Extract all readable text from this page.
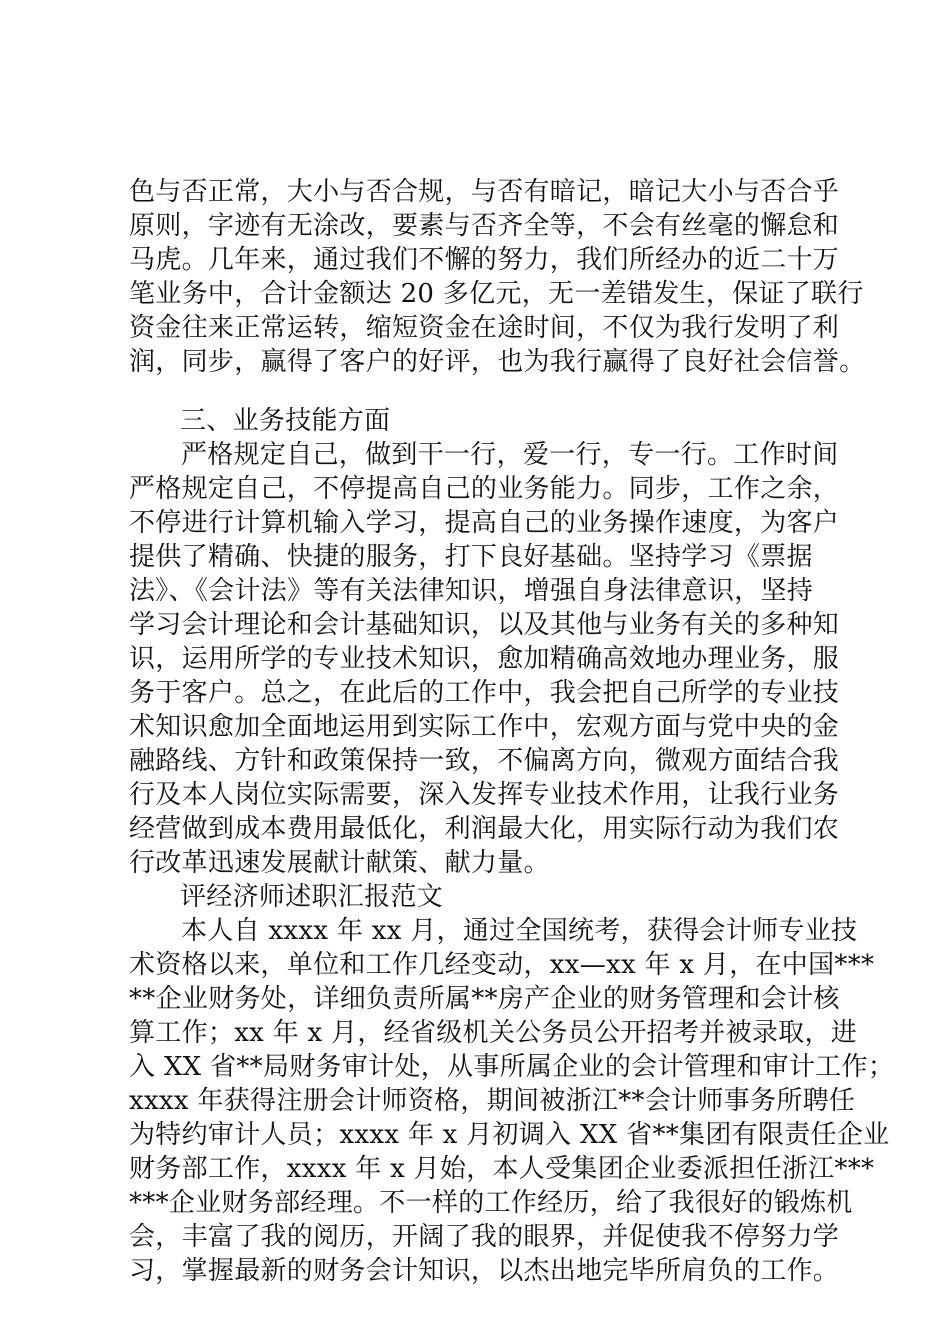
色与否正常，大小与否合规，与否有暗记，暗记大小与否合乎
原则，字迹有无涂改，要素与否齐全等，不会有丝毫的懈怠和
马虎。几年来，通过我们不懈的努力，我们所经办的近二十万
笔业务中，合计金额达 20 多亿元，无一差错发生，保证了联行
资金往来正常运转，缩短资金在途时间，不仅为我行发明了利
润，同步，赢得了客户的好评，也为我行赢得了良好社会信誉。
三、业务技能方面
严格规定自己，做到干一行，爱一行，专一行。工作时间
严格规定自己，不停提高自己的业务能力。同步，工作之余，
不停进行计算机输入学习，提高自己的业务操作速度，为客户
提供了精确、快捷的服务，打下良好基础。坚持学习《票据
法》、《会计法》等有关法律知识，增强自身法律意识，坚持
学习会计理论和会计基础知识，以及其他与业务有关的多种知
识，运用所学的专业技术知识，愈加精确高效地办理业务，服
务于客户。总之，在此后的工作中，我会把自己所学的专业技
术知识愈加全面地运用到实际工作中，宏观方面与党中央的金
融路线、方针和政策保持一致，不偏离方向，微观方面结合我
行及本人岗位实际需要，深入发挥专业技术作用，让我行业务
经营做到成本费用最低化，利润最大化，用实际行动为我们农
行改革迅速发展献计献策、献力量。
评经济师述职汇报范文
本人自 xxxx 年 xx 月，通过全国统考，获得会计师专业技
术资格以来，单位和工作几经变动，xx—xx 年 x 月，在中国***
**企业财务处，详细负责所属**房产企业的财务管理和会计核
算工作；xx 年 x 月，经省级机关公务员公开招考并被录取，进
入 XX 省**局财务审计处，从事所属企业的会计管理和审计工作；
xxxx 年获得注册会计师资格，期间被浙江**会计师事务所聘任
为特约审计人员；xxxx 年 x 月初调入 XX 省**集团有限责任企业
财务部工作，xxxx 年 x 月始，本人受集团企业委派担任浙江***
***企业财务部经理。不一样的工作经历，给了我很好的锻炼机
会，丰富了我的阅历，开阔了我的眼界，并促使我不停努力学
习，掌握最新的财务会计知识，以杰出地完毕所肩负的工作。
